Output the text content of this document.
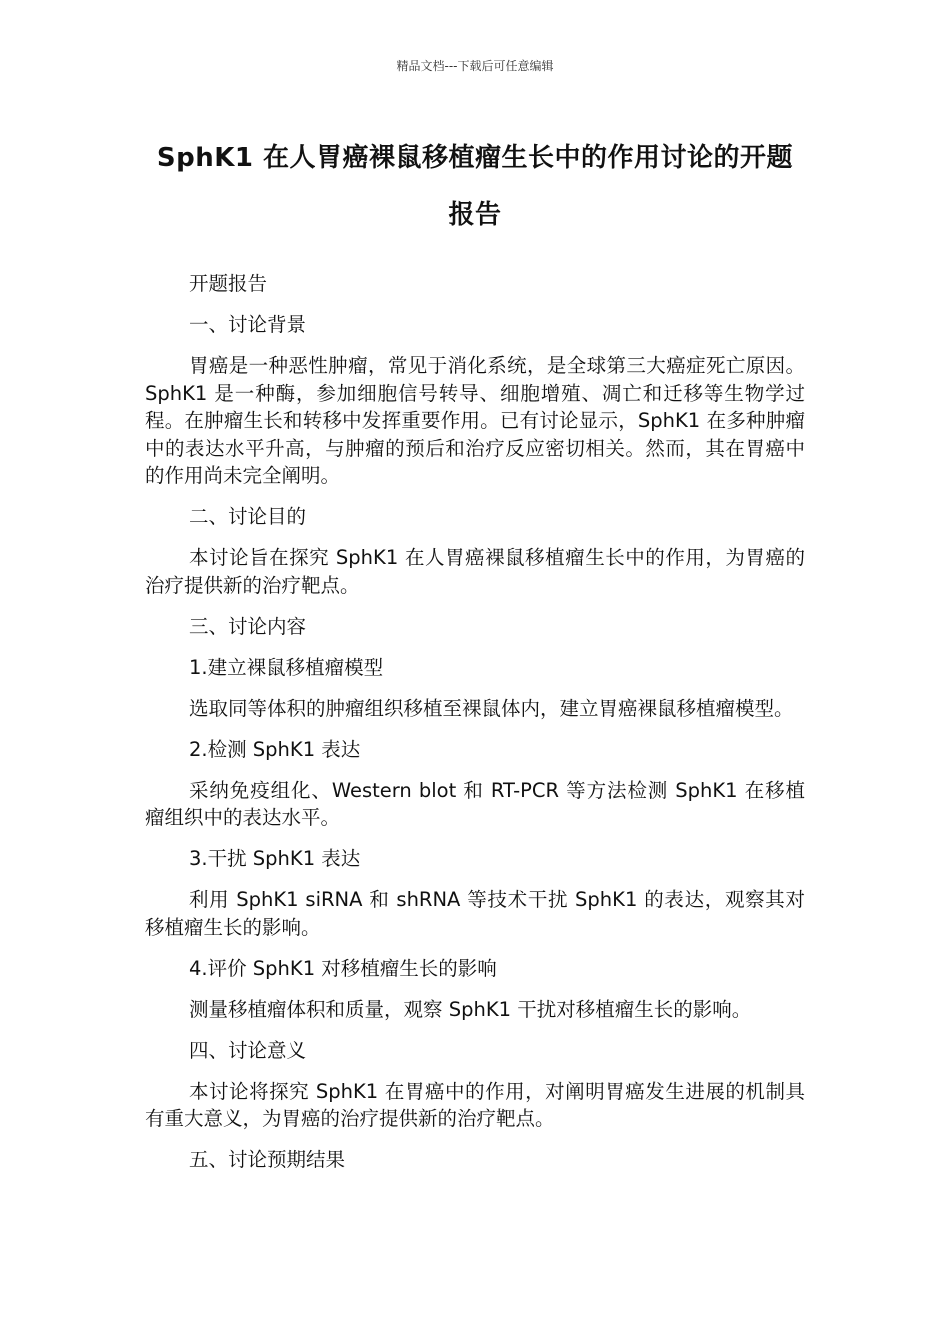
精品文档---下载后可任意编辑
SphK1 在人胃癌裸鼠移植瘤生长中的作用讨论的开题报告

开题报告

一、讨论背景

胃癌是一种恶性肿瘤，常见于消化系统，是全球第三大癌症死亡原因。SphK1 是一种酶，参加细胞信号转导、细胞增殖、凋亡和迁移等生物学过程。在肿瘤生长和转移中发挥重要作用。已有讨论显示，SphK1 在多种肿瘤中的表达水平升高，与肿瘤的预后和治疗反应密切相关。然而，其在胃癌中的作用尚未完全阐明。

二、讨论目的

本讨论旨在探究 SphK1 在人胃癌裸鼠移植瘤生长中的作用，为胃癌的治疗提供新的治疗靶点。

三、讨论内容

1.建立裸鼠移植瘤模型

选取同等体积的肿瘤组织移植至裸鼠体内，建立胃癌裸鼠移植瘤模型。

2.检测 SphK1 表达

采纳免疫组化、Western blot 和 RT-PCR 等方法检测 SphK1 在移植瘤组织中的表达水平。

3.干扰 SphK1 表达

利用 SphK1 siRNA 和 shRNA 等技术干扰 SphK1 的表达，观察其对移植瘤生长的影响。

4.评价 SphK1 对移植瘤生长的影响

测量移植瘤体积和质量，观察 SphK1 干扰对移植瘤生长的影响。

四、讨论意义

本讨论将探究 SphK1 在胃癌中的作用，对阐明胃癌发生进展的机制具有重大意义，为胃癌的治疗提供新的治疗靶点。

五、讨论预期结果
